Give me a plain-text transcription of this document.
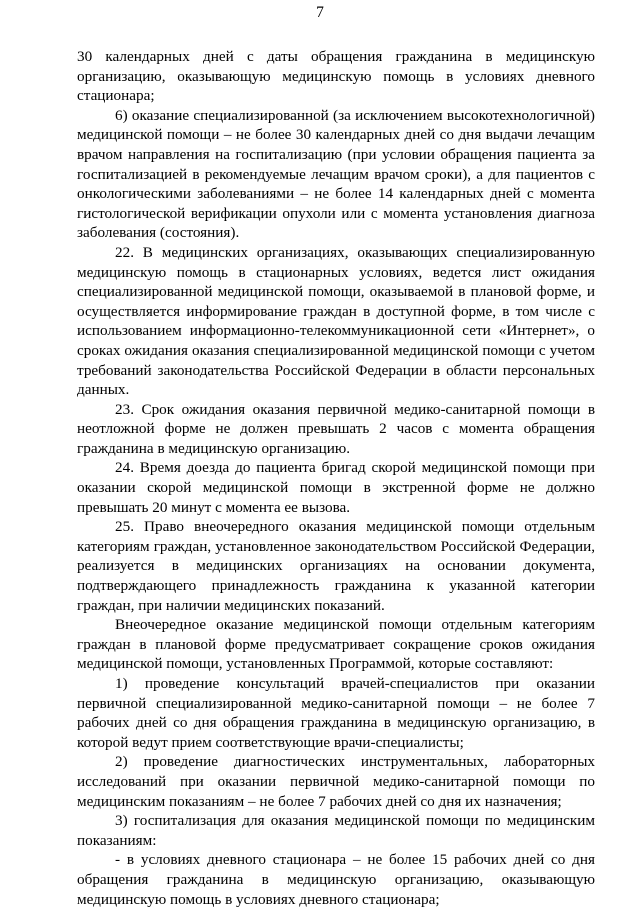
7

30 календарных дней с даты обращения гражданина в медицинскую организацию, оказывающую медицинскую помощь в условиях дневного стационара;

6) оказание специализированной (за исключением высокотехнологичной) медицинской помощи – не более 30 календарных дней со дня выдачи лечащим врачом направления на госпитализацию (при условии обращения пациента за госпитализацией в рекомендуемые лечащим врачом сроки), а для пациентов с онкологическими заболеваниями – не более 14 календарных дней с момента гистологической верификации опухоли или с момента установления диагноза заболевания (состояния).

22. В медицинских организациях, оказывающих специализированную медицинскую помощь в стационарных условиях, ведется лист ожидания специализированной медицинской помощи, оказываемой в плановой форме, и осуществляется информирование граждан в доступной форме, в том числе с использованием информационно-телекоммуникационной сети «Интернет», о сроках ожидания оказания специализированной медицинской помощи с учетом требований законодательства Российской Федерации в области персональных данных.

23. Срок ожидания оказания первичной медико-санитарной помощи в неотложной форме не должен превышать 2 часов с момента обращения гражданина в медицинскую организацию.

24. Время доезда до пациента бригад скорой медицинской помощи при оказании скорой медицинской помощи в экстренной форме не должно превышать 20 минут с момента ее вызова.

25. Право внеочередного оказания медицинской помощи отдельным категориям граждан, установленное законодательством Российской Федерации, реализуется в медицинских организациях на основании документа, подтверждающего принадлежность гражданина к указанной категории граждан, при наличии медицинских показаний.

Внеочередное оказание медицинской помощи отдельным категориям граждан в плановой форме предусматривает сокращение сроков ожидания медицинской помощи, установленных Программой, которые составляют:

1) проведение консультаций врачей-специалистов при оказании первичной специализированной медико-санитарной помощи – не более 7 рабочих дней со дня обращения гражданина в медицинскую организацию, в которой ведут прием соответствующие врачи-специалисты;

2) проведение диагностических инструментальных, лабораторных исследований при оказании первичной медико-санитарной помощи по медицинским показаниям – не более 7 рабочих дней со дня их назначения;

3) госпитализация для оказания медицинской помощи по медицинским показаниям:

- в условиях дневного стационара – не более 15 рабочих дней со дня обращения гражданина в медицинскую организацию, оказывающую медицинскую помощь в условиях дневного стационара;
